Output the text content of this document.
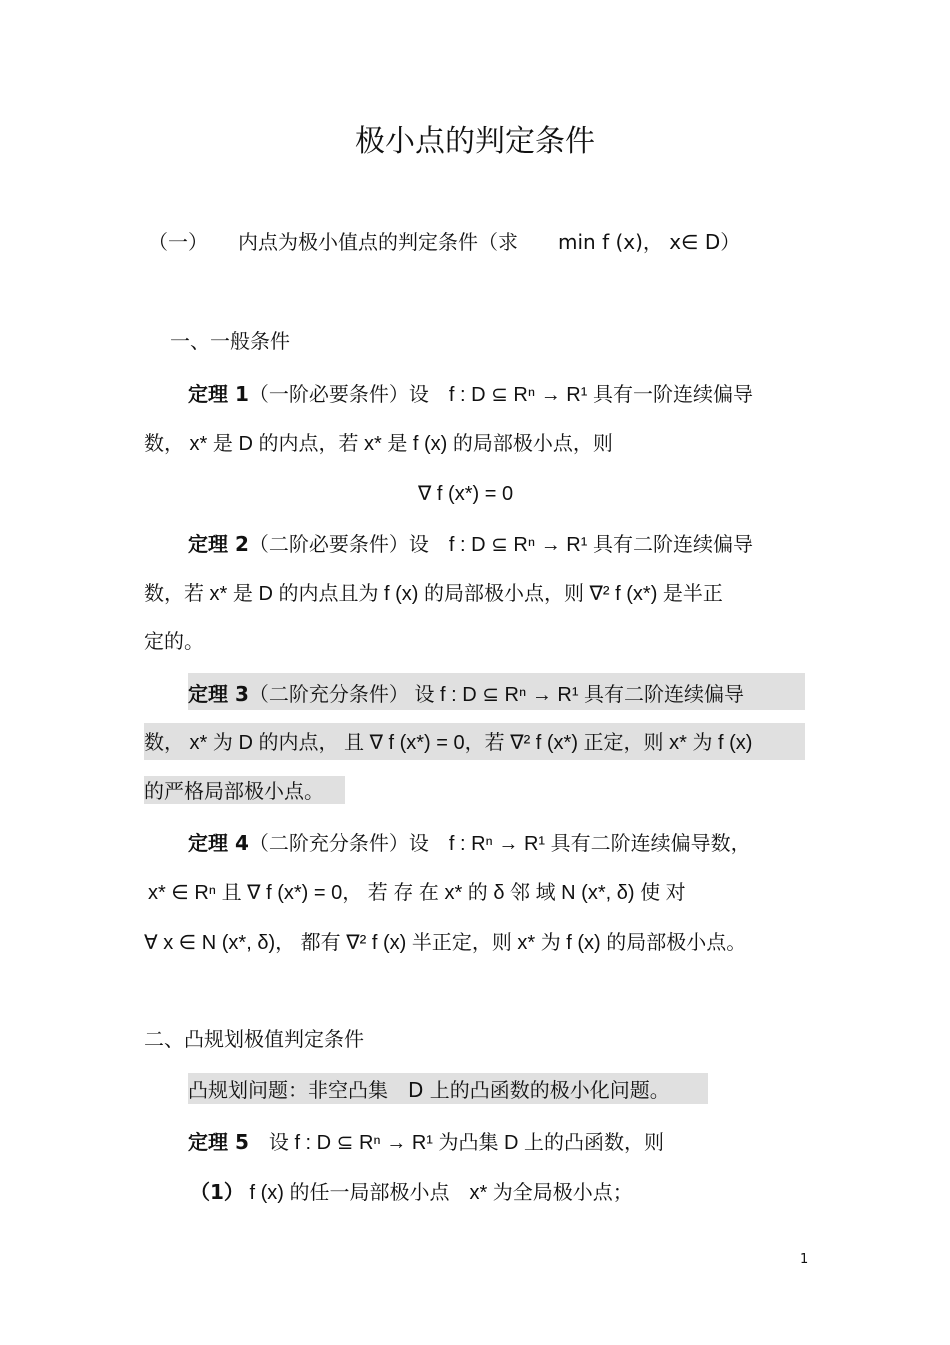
极小点的判定条件
（一）　　内点为极小值点的判定条件（求　　min f (x)， x∈ D）
一、一般条件
定理 1（一阶必要条件）设　f : D ⊆ Rⁿ → R¹ 具有一阶连续偏导
数， x* 是 D 的内点，若 x* 是 f (x) 的局部极小点，则
∇ f (x*) = 0
定理 2（二阶必要条件）设　f : D ⊆ Rⁿ → R¹ 具有二阶连续偏导
数，若 x* 是 D 的内点且为 f (x) 的局部极小点，则 ∇² f (x*) 是半正
定的。
定理 3（二阶充分条件） 设 f : D ⊆ Rⁿ → R¹ 具有二阶连续偏导
数， x* 为 D 的内点， 且 ∇ f (x*) = 0，若 ∇² f (x*) 正定，则 x* 为 f (x)
的严格局部极小点。
定理 4（二阶充分条件）设　f : Rⁿ → R¹ 具有二阶连续偏导数，
x* ∈ Rⁿ 且 ∇ f (x*) = 0， 若 存 在 x* 的 δ 邻 域 N (x*, δ) 使 对
∀ x ∈ N (x*, δ)， 都有 ∇² f (x) 半正定，则 x* 为 f (x) 的局部极小点。
二、凸规划极值判定条件
凸规划问题：非空凸集　D 上的凸函数的极小化问题。
定理 5　设 f : D ⊆ Rⁿ → R¹ 为凸集 D 上的凸函数，则
（1） f (x) 的任一局部极小点　x* 为全局极小点；
1
